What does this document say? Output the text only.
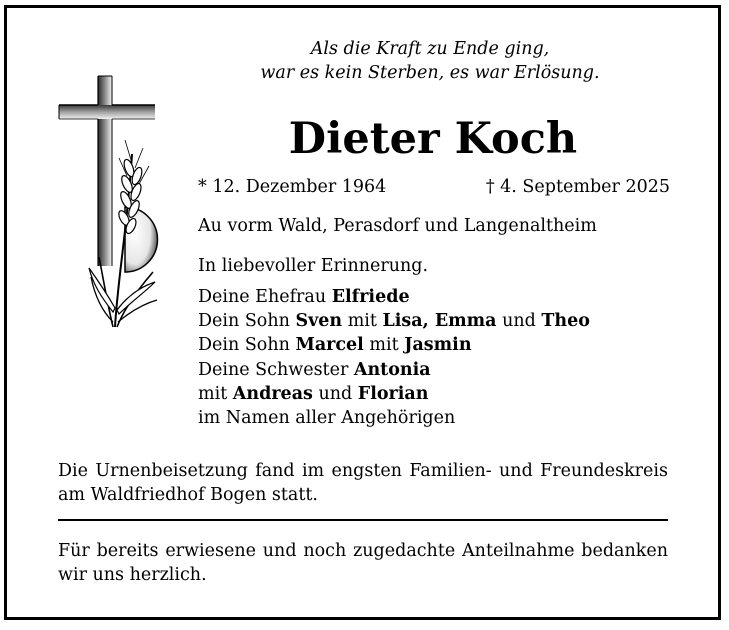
Als die Kraft zu Ende ging,
war es kein Sterben, es war Erlösung.
Dieter Koch
* 12. Dezember 1964	† 4. September 2025
Au vorm Wald, Perasdorf und Langenaltheim
In liebevoller Erinnerung.
Deine Ehefrau Elfriede
Dein Sohn Sven mit Lisa, Emma und Theo
Dein Sohn Marcel mit Jasmin
Deine Schwester Antonia
mit Andreas und Florian
im Namen aller Angehörigen
Die Urnenbeisetzung fand im engsten Familien- und Freundeskreis am Waldfriedhof Bogen statt.
Für bereits erwiesene und noch zugedachte Anteilnahme bedanken wir uns herzlich.
